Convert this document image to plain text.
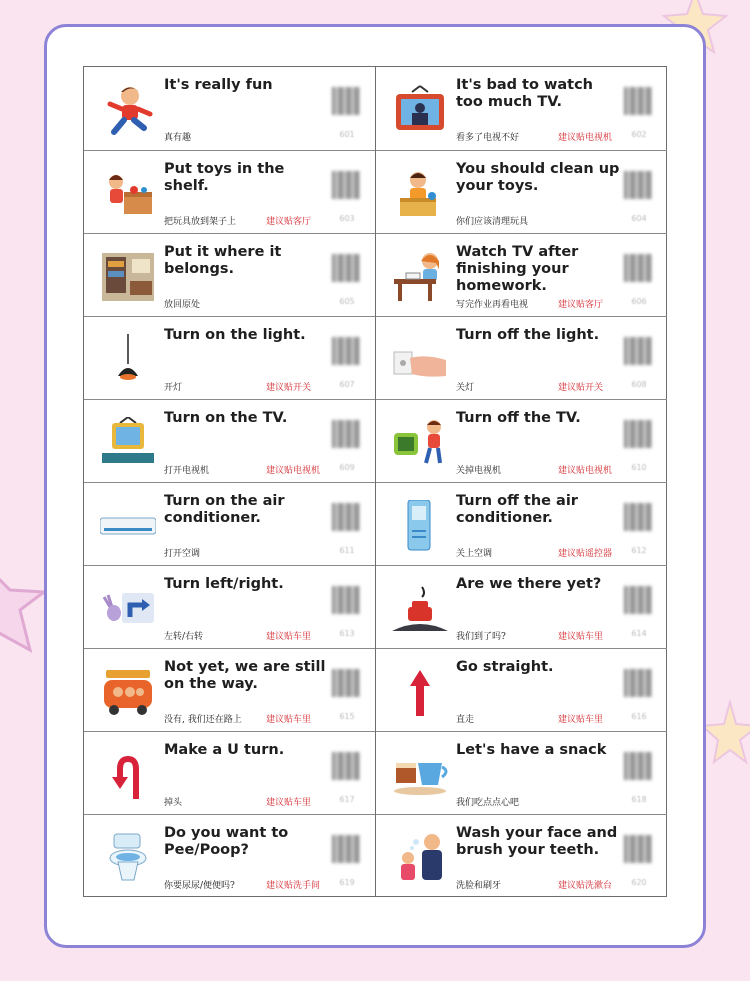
It's really fun
真有趣	601
It's bad to watch too much TV.
看多了电视不好	建议贴电视机	602
Put toys in the shelf.
把玩具放到架子上	建议贴客厅	603
You should clean up your toys.
你们应该清理玩具	604
Put it where it belongs.
放回原处	605
Watch TV after finishing your homework.
写完作业再看电视	建议贴客厅	606
Turn on the light.
开灯	建议贴开关	607
Turn off the light.
关灯	建议贴开关	608
Turn on the TV.
打开电视机	建议贴电视机	609
Turn off the TV.
关掉电视机	建议贴电视机	610
Turn on the air conditioner.
打开空调	611
Turn off the air conditioner.
关上空调	建议贴遥控器	612
Turn left/right.
左转/右转	建议贴车里	613
Are we there yet?
我们到了吗?	建议贴车里	614
Not yet, we are still on the way.
没有, 我们还在路上	建议贴车里	615
Go straight.
直走	建议贴车里	616
Make a U turn.
掉头	建议贴车里	617
Let's have a snack
我们吃点点心吧	618
Do you want to Pee/Poop?
你要尿尿/便便吗?	建议贴洗手间	619
Wash your face and brush your teeth.
洗脸和刷牙	建议贴洗漱台	620
